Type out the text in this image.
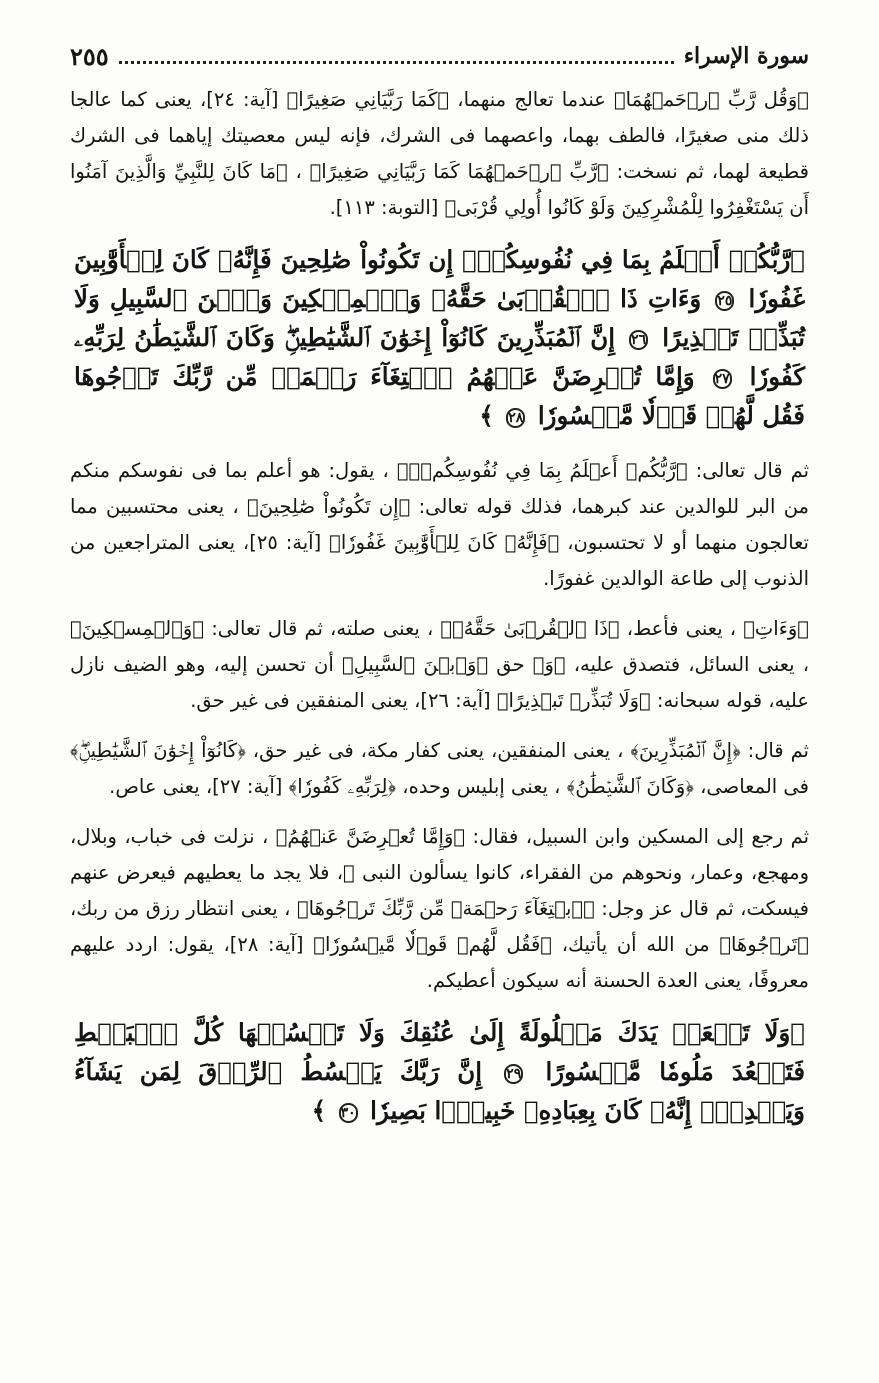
سورة الإسراء
٢٥٥

﴿وَقُل رَّبِّ ٱرۡحَمۡهُمَا﴾ عندما تعالج منهما، ﴿كَمَا رَبَّيَانِي صَغِيرًا﴾ [آية: ٢٤]، يعنى كما عالجا ذلك منى صغيرًا، فالطف بهما، واعصهما فى الشرك، فإنه ليس معصيتك إياهما فى الشرك قطيعة لهما، ثم نسخت: ﴿رَّبِّ ٱرۡحَمۡهُمَا كَمَا رَبَّيَانِي صَغِيرًا﴾ ، ﴿مَا كَانَ لِلنَّبِيِّ وَالَّذِينَ آمَنُوا أَن يَسْتَغْفِرُوا لِلْمُشْرِكِينَ وَلَوْ كَانُوا أُولِي قُرْبَى﴾ [التوبة: ١١٣].

﴿رَّبُّكُمۡ أَعۡلَمُ بِمَا فِي نُفُوسِكُمۡۚ إِن تَكُونُواْ صَٰلِحِينَ فَإِنَّهُۥ كَانَ لِلۡأَوَّٰبِينَ غَفُورٗا ٢٥ وَءَاتِ ذَا ٱلۡقُرۡبَىٰ حَقَّهُۥ وَٱلۡمِسۡكِينَ وَٱبۡنَ ٱلسَّبِيلِ وَلَا تُبَذِّرۡ تَبۡذِيرًا ٢٦ إِنَّ ٱلۡمُبَذِّرِينَ كَانُوٓاْ إِخۡوَٰنَ ٱلشَّيَٰطِينِۖ وَكَانَ ٱلشَّيۡطَٰنُ لِرَبِّهِۦ كَفُورٗا ٢٧ وَإِمَّا تُعۡرِضَنَّ عَنۡهُمُ ٱبۡتِغَآءَ رَحۡمَةٖ مِّن رَّبِّكَ تَرۡجُوهَا فَقُل لَّهُمۡ قَوۡلٗا مَّيۡسُورٗا ٢٨ ﴾

ثم قال تعالى: ﴿رَّبُّكُمۡ أَعۡلَمُ بِمَا فِي نُفُوسِكُمۡۚ﴾ ، يقول: هو أعلم بما فى نفوسكم منكم من البر للوالدين عند كبرهما، فذلك قوله تعالى: ﴿إِن تَكُونُواْ صَٰلِحِينَ﴾ ، يعنى محتسبين مما تعالجون منهما أو لا تحتسبون، ﴿فَإِنَّهُۥ كَانَ لِلۡأَوَّٰبِينَ غَفُورٗا﴾ [آية: ٢٥]، يعنى المتراجعين من الذنوب إلى طاعة الوالدين غفورًا.

﴿وَءَاتِ﴾ ، يعنى فأعط، ﴿ذَا ٱلۡقُرۡبَىٰ حَقَّهُۥ﴾ ، يعنى صلته، ثم قال تعالى: ﴿وَٱلۡمِسۡكِينَ﴾ ، يعنى السائل، فتصدق عليه، ﴿وَ﴾ حق ﴿وَٱبۡنَ ٱلسَّبِيلِ﴾ أن تحسن إليه، وهو الضيف نازل عليه، قوله سبحانه: ﴿وَلَا تُبَذِّرۡ تَبۡذِيرًا﴾ [آية: ٢٦]، يعنى المنفقين فى غير حق.

ثم قال: ﴿إِنَّ ٱلۡمُبَذِّرِينَ﴾ ، يعنى المنفقين، يعنى كفار مكة، فى غير حق، ﴿كَانُوٓاْ إِخۡوَٰنَ ٱلشَّيَٰطِينِۖ﴾ فى المعاصى، ﴿وَكَانَ ٱلشَّيۡطَٰنُ﴾ ، يعنى إبليس وحده، ﴿لِرَبِّهِۦ كَفُورٗا﴾ [آية: ٢٧]، يعنى عاص.

ثم رجع إلى المسكين وابن السبيل، فقال: ﴿وَإِمَّا تُعۡرِضَنَّ عَنۡهُمُ﴾ ، نزلت فى خباب، وبلال، ومهجع، وعمار، ونحوهم من الفقراء، كانوا يسألون النبى ﷺ، فلا يجد ما يعطيهم فيعرض عنهم فيسكت، ثم قال عز وجل: ﴿ٱبۡتِغَآءَ رَحۡمَةٖ مِّن رَّبِّكَ تَرۡجُوهَا﴾ ، يعنى انتظار رزق من ربك، ﴿تَرۡجُوهَا﴾ من الله أن يأتيك، ﴿فَقُل لَّهُمۡ قَوۡلٗا مَّيۡسُورٗا﴾ [آية: ٢٨]، يقول: اردد عليهم معروفًا، يعنى العدة الحسنة أنه سيكون أعطيكم.

﴿وَلَا تَجۡعَلۡ يَدَكَ مَغۡلُولَةً إِلَىٰ عُنُقِكَ وَلَا تَبۡسُطۡهَا كُلَّ ٱلۡبَسۡطِ فَتَقۡعُدَ مَلُومٗا مَّحۡسُورًا ٢٩ إِنَّ رَبَّكَ يَبۡسُطُ ٱلرِّزۡقَ لِمَن يَشَآءُ وَيَقۡدِرُۚ إِنَّهُۥ كَانَ بِعِبَادِهِۦ خَبِيرَۢا بَصِيرٗا ٣٠ ﴾
